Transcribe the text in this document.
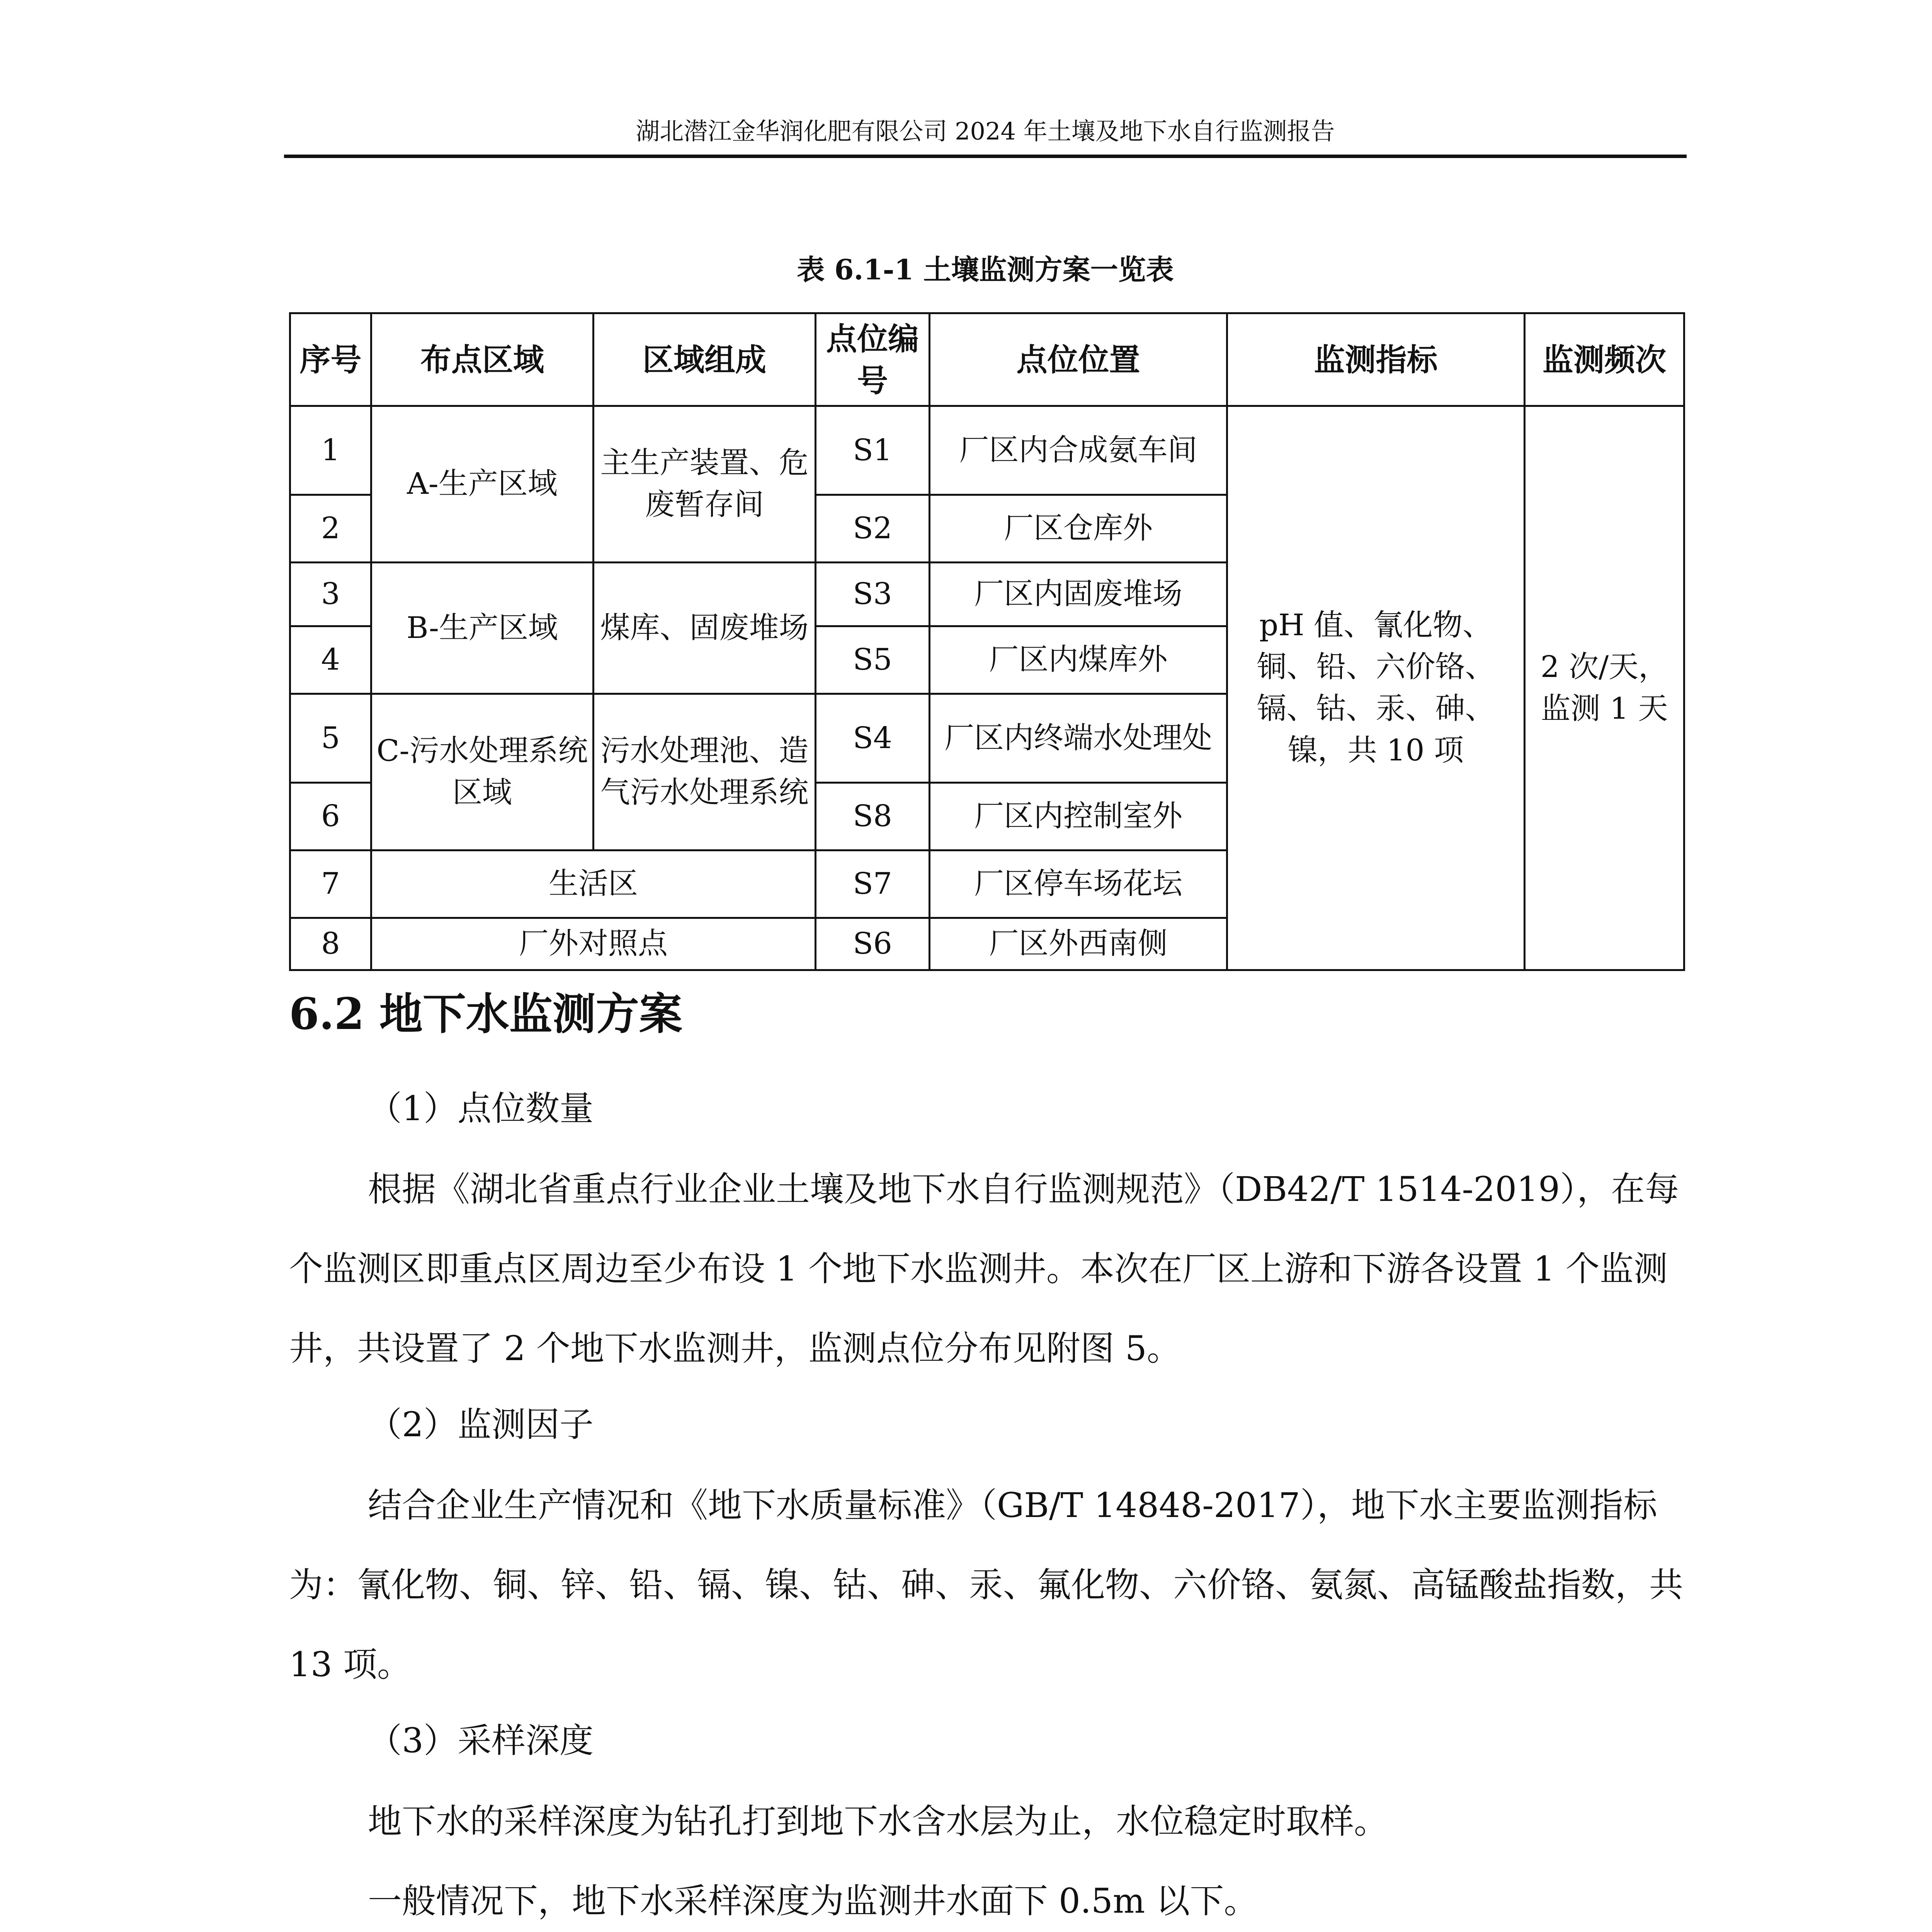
湖北潜江金华润化肥有限公司 2024 年土壤及地下水自行监测报告
表 6.1-1 土壤监测方案一览表
序号	布点区域	区域组成	点位编号	点位位置	监测指标	监测频次
1	A-生产区域	主生产装置、危废暂存间	S1	厂区内合成氨车间	pH 值、氰化物、铜、铅、六价铬、镉、钴、汞、砷、镍，共 10 项	2 次/天，监测 1 天
2			S2	厂区仓库外		
3	B-生产区域	煤库、固废堆场	S3	厂区内固废堆场		
4			S5	厂区内煤库外		
5	C-污水处理系统区域	污水处理池、造气污水处理系统	S4	厂区内终端水处理处		
6			S8	厂区内控制室外		
7	生活区		S7	厂区停车场花坛		
8	厂外对照点		S6	厂区外西南侧		
6.2 地下水监测方案
（1）点位数量

根据《湖北省重点行业企业土壤及地下水自行监测规范》（DB42/T 1514-2019），在每个监测区即重点区周边至少布设 1 个地下水监测井。本次在厂区上游和下游各设置 1 个监测井，共设置了 2 个地下水监测井，监测点位分布见附图 5。

（2）监测因子

结合企业生产情况和《地下水质量标准》（GB/T 14848-2017），地下水主要监测指标为：氰化物、铜、锌、铅、镉、镍、钴、砷、汞、氟化物、六价铬、氨氮、高锰酸盐指数，共 13 项。

（3）采样深度

地下水的采样深度为钻孔打到地下水含水层为止，水位稳定时取样。

一般情况下，地下水采样深度为监测井水面下 0.5m 以下。
